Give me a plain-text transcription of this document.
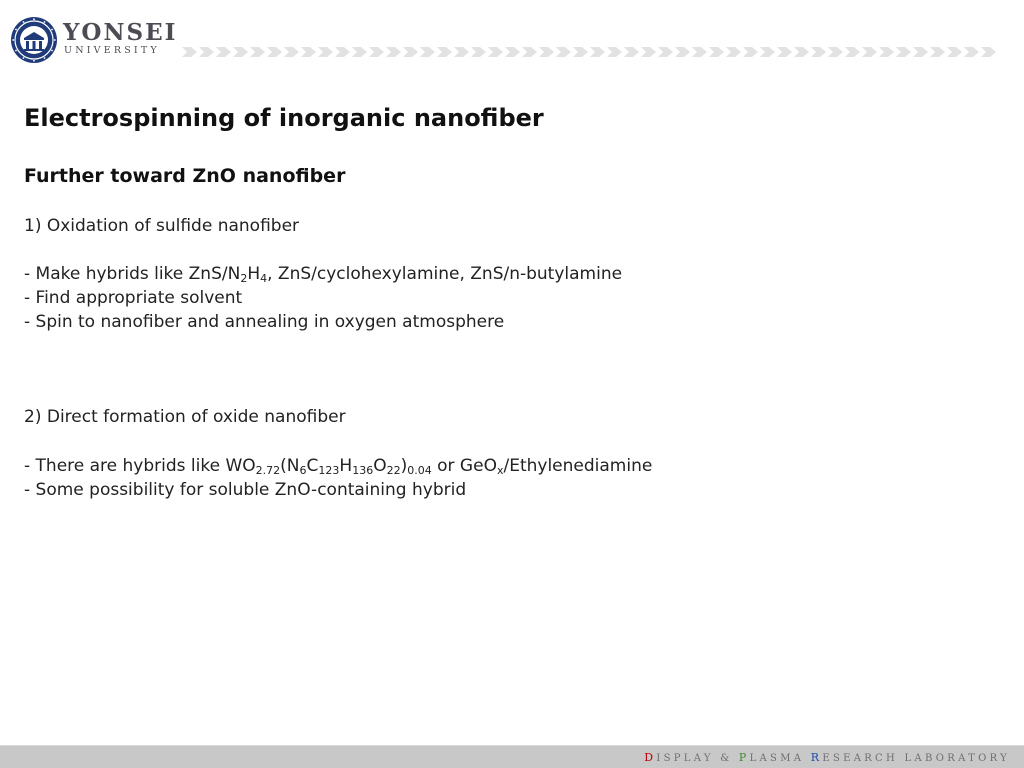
YONSEI
UNIVERSITY
Electrospinning of inorganic nanofiber
Further toward ZnO nanofiber
1) Oxidation of sulfide nanofiber
- Make hybrids like ZnS/$N_2H_4$, ZnS/cyclohexylamine, ZnS/n-butylamine
- Find appropriate solvent
- Spin to nanofiber and annealing in oxygen atmosphere
2) Direct formation of oxide nanofiber
- There are hybrids like $WO_{2.72}(N_6C_{123}H_{136}O_{22})_{0.04}$ or GeO$_x$/Ethylenediamine
- Some possibility for soluble ZnO-containing hybrid
DISPLAY & PLASMA RESEARCH LABORATORY
